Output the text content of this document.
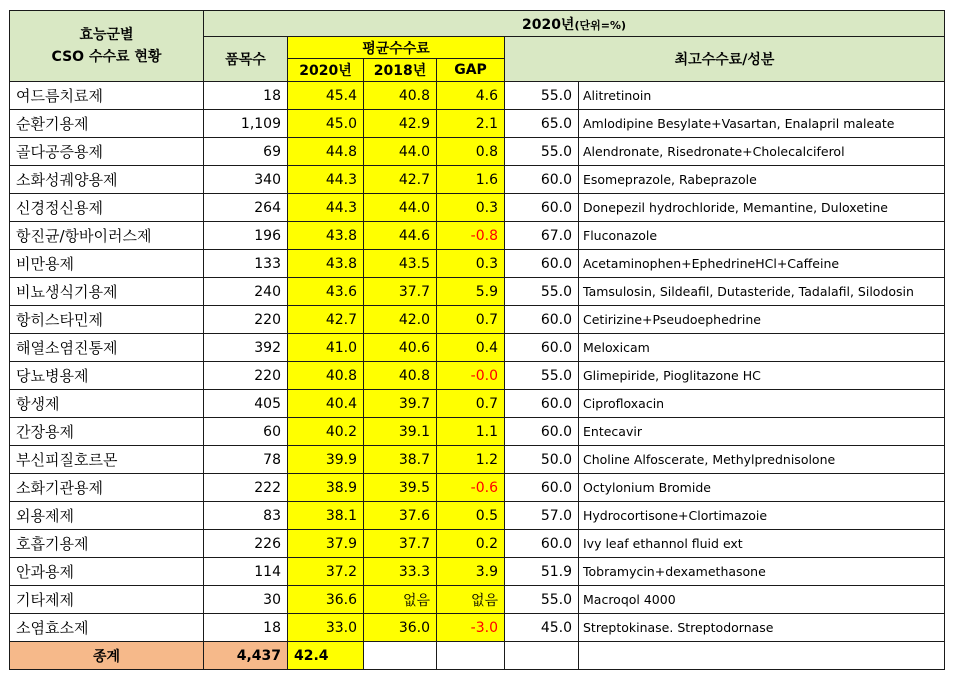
효능군별
CSO 수수료 현황	2020년(단위=%)					
	품목수	평균수수료			최고수수료/성분	
		2020년	2018년	GAP		
여드름치료제	18	45.4	40.8	4.6	55.0	Alitretinoin
순환기용제	1,109	45.0	42.9	2.1	65.0	Amlodipine Besylate+Vasartan, Enalapril maleate
골다공증용제	69	44.8	44.0	0.8	55.0	Alendronate, Risedronate+Cholecalciferol
소화성궤양용제	340	44.3	42.7	1.6	60.0	Esomeprazole, Rabeprazole
신경정신용제	264	44.3	44.0	0.3	60.0	Donepezil hydrochloride, Memantine, Duloxetine
항진균/항바이러스제	196	43.8	44.6	-0.8	67.0	Fluconazole
비만용제	133	43.8	43.5	0.3	60.0	Acetaminophen+EphedrineHCl+Caffeine
비뇨생식기용제	240	43.6	37.7	5.9	55.0	Tamsulosin, Sildeafil, Dutasteride, Tadalafil, Silodosin
항히스타민제	220	42.7	42.0	0.7	60.0	Cetirizine+Pseudoephedrine
해열소염진통제	392	41.0	40.6	0.4	60.0	Meloxicam
당뇨병용제	220	40.8	40.8	-0.0	55.0	Glimepiride, Pioglitazone HC
항생제	405	40.4	39.7	0.7	60.0	Ciprofloxacin
간장용제	60	40.2	39.1	1.1	60.0	Entecavir
부신피질호르몬	78	39.9	38.7	1.2	50.0	Choline Alfoscerate, Methylprednisolone
소화기관용제	222	38.9	39.5	-0.6	60.0	Octylonium Bromide
외용제제	83	38.1	37.6	0.5	57.0	Hydrocortisone+Clortimazoie
호흡기용제	226	37.9	37.7	0.2	60.0	Ivy leaf ethannol fluid ext
안과용제	114	37.2	33.3	3.9	51.9	Tobramycin+dexamethasone
기타제제	30	36.6	없음	없음	55.0	Macroqol 4000
소염효소제	18	33.0	36.0	-3.0	45.0	Streptokinase. Streptodornase
종계	4,437	42.4				
